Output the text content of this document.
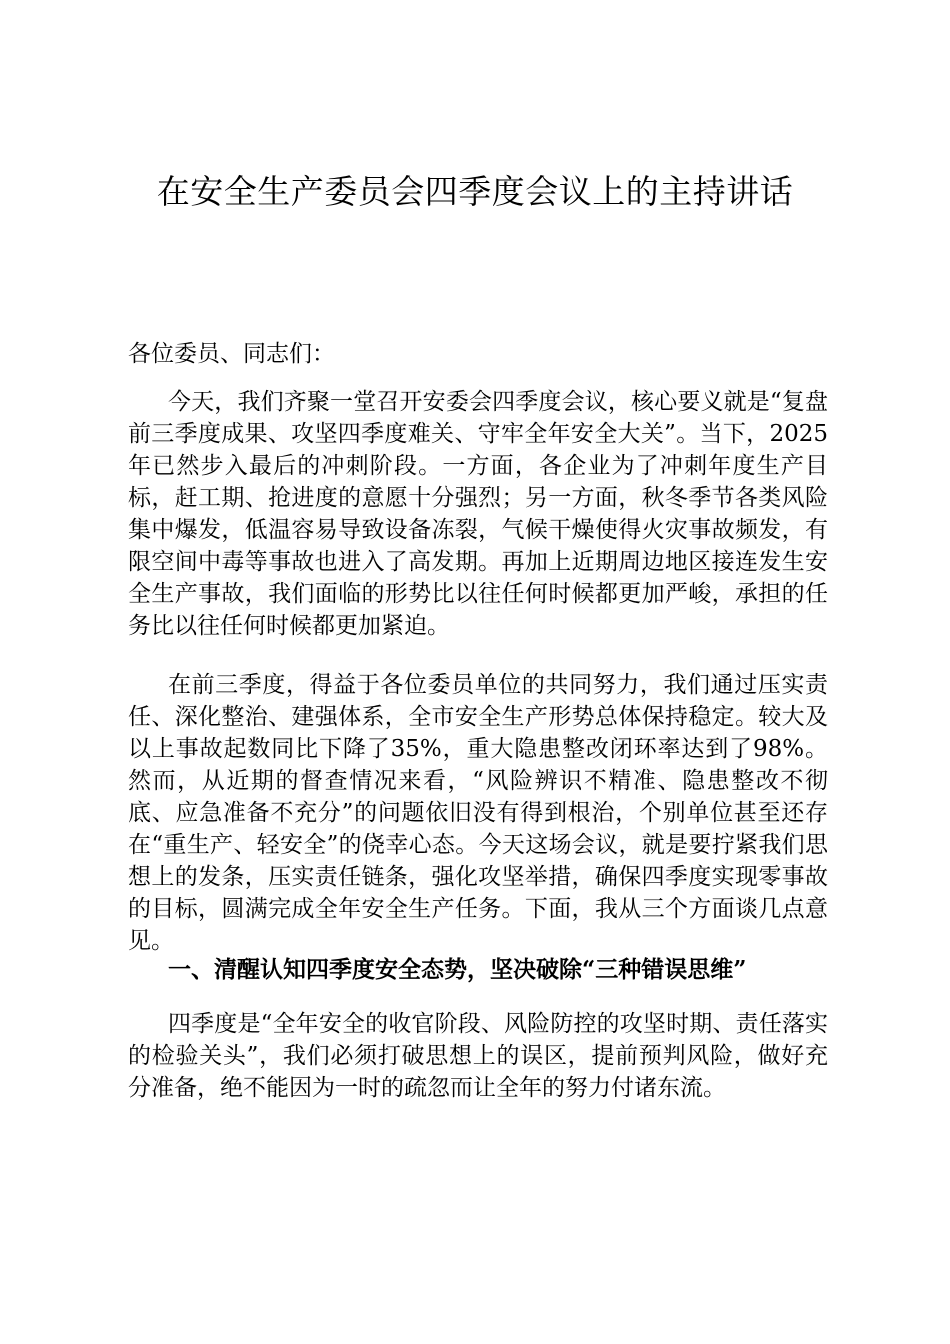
在安全生产委员会四季度会议上的主持讲话
各位委员、同志们：

今天，我们齐聚一堂召开安委会四季度会议，核心要义就是“复盘前三季度成果、攻坚四季度难关、守牢全年安全大关”。当下，2025年已然步入最后的冲刺阶段。一方面，各企业为了冲刺年度生产目标，赶工期、抢进度的意愿十分强烈；另一方面，秋冬季节各类风险集中爆发，低温容易导致设备冻裂，气候干燥使得火灾事故频发，有限空间中毒等事故也进入了高发期。再加上近期周边地区接连发生安全生产事故，我们面临的形势比以往任何时候都更加严峻，承担的任务比以往任何时候都更加紧迫。

在前三季度，得益于各位委员单位的共同努力，我们通过压实责任、深化整治、建强体系，全市安全生产形势总体保持稳定。较大及以上事故起数同比下降了35%，重大隐患整改闭环率达到了98%。然而，从近期的督查情况来看，“风险辨识不精准、隐患整改不彻底、应急准备不充分”的问题依旧没有得到根治，个别单位甚至还存在“重生产、轻安全”的侥幸心态。今天这场会议，就是要拧紧我们思想上的发条，压实责任链条，强化攻坚举措，确保四季度实现零事故的目标，圆满完成全年安全生产任务。下面，我从三个方面谈几点意见。

一、清醒认知四季度安全态势，坚决破除“三种错误思维”

四季度是“全年安全的收官阶段、风险防控的攻坚时期、责任落实的检验关头”，我们必须打破思想上的误区，提前预判风险，做好充分准备，绝不能因为一时的疏忽而让全年的努力付诸东流。
